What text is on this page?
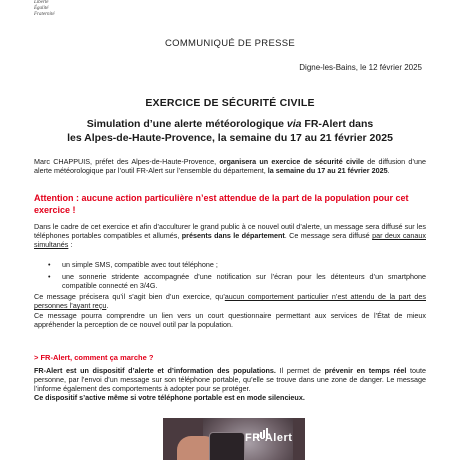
Liberté
Égalité
Fraternité
COMMUNIQUÉ DE PRESSE
Digne-les-Bains, le 12 février 2025
EXERCICE DE SÉCURITÉ CIVILE
Simulation d’une alerte météorologique via FR-Alert dans
les Alpes-de-Haute-Provence, la semaine du 17 au 21 février 2025
Marc CHAPPUIS, préfet des Alpes-de-Haute-Provence, organisera un exercice de sécurité civile de diffusion d’une alerte météorologique par l’outil FR-Alert sur l’ensemble du département, la semaine du 17 au 21 février 2025.
Attention : aucune action particulière n’est attendue de la part de la population pour cet exercice !
Dans le cadre de cet exercice et afin d’acculturer le grand public à ce nouvel outil d’alerte, un message sera diffusé sur les téléphones portables compatibles et allumés, présents dans le département. Ce message sera diffusé par deux canaux simultanés :
• un simple SMS, compatible avec tout téléphone ;
• une sonnerie stridente accompagnée d’une notification sur l’écran pour les détenteurs d’un smartphone compatible connecté en 3/4G.
Ce message précisera qu’il s’agit bien d’un exercice, qu’aucun comportement particulier n’est attendu de la part des personnes l’ayant reçu.
Ce message pourra comprendre un lien vers un court questionnaire permettant aux services de l’État de mieux appréhender la perception de ce nouvel outil par la population.
> FR-Alert, comment ça marche ?
FR-Alert est un dispositif d’alerte et d’information des populations. Il permet de prévenir en temps réel toute personne, par l’envoi d’un message sur son téléphone portable, qu’elle se trouve dans une zone de danger. Le message l’informe également des comportements à adopter pour se protéger.
Ce dispositif s’active même si votre téléphone portable est en mode silencieux.
FR-Alert
